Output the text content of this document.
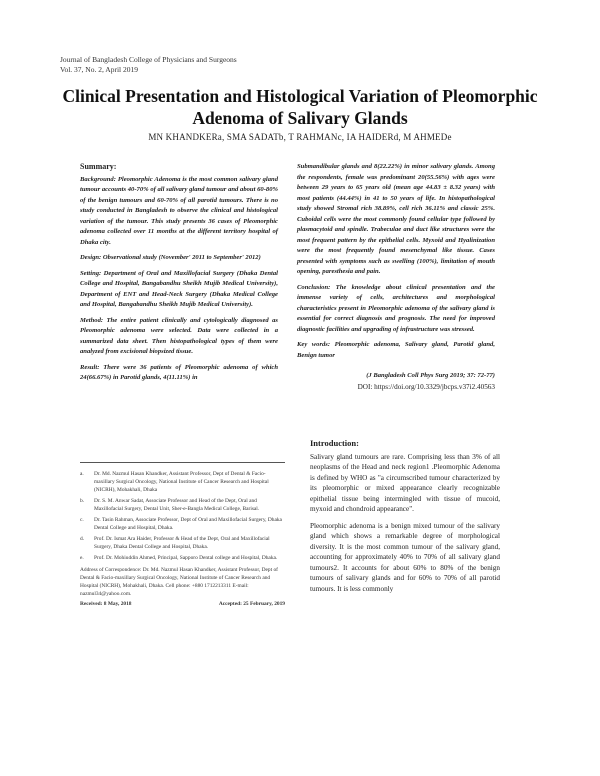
Journal of Bangladesh College of Physicians and Surgeons
Vol. 37, No. 2, April 2019
Clinical Presentation and Histological Variation of Pleomorphic Adenoma of Salivary Glands
MN KHANDKERa, SMA SADATb, T RAHMANc, IA HAIDERd, M AHMEDe
Summary:

Background: Pleomorphic Adenoma is the most common salivary gland tumour accounts 40-70% of all salivary gland tumour and about 60-80% of the benign tumours and 60-70% of all parotid tumours. There is no study conducted in Bangladesh to observe the clinical and histological variation of the tumour. This study presents 36 cases of Pleomorphic adenoma collected over 11 months at the different territory hospital of Dhaka city.

Design: Observational study (November' 2011 to September' 2012)

Setting: Department of Oral and Maxillofacial Surgery (Dhaka Dental College and Hospital, Bangabandhu Sheikh Mujib Medical University), Department of ENT and Head-Neck Surgery (Dhaka Medical College and Hospital, Bangabandhu Sheikh Mujib Medical University).

Method: The entire patient clinically and cytologically diagnosed as Pleomorphic adenoma were selected. Data were collected in a summarized data sheet. Then histopathological types of them were analyzed from excisional biopsized tissue.

Result: There were 36 patients of Pleomorphic adenoma of which 24(66.67%) in Parotid glands, 4(11.11%) in

Submandibular glands and 8(22.22%) in minor salivary glands. Among the respondents, female was predominant 20(55.56%) with ages were between 29 years to 65 years old (mean age 44.83 ± 8.32 years) with most patients (44.44%) in 41 to 50 years of life. In histopathological study showed Stromal rich 38.89%, cell rich 36.11% and classic 25%. Cuboidal cells were the most commonly found cellular type followed by plasmacytoid and spindle. Trabeculae and duct like structures were the most frequent pattern by the epithelial cells. Myxoid and Hyalinization were the most frequently found mesenchymal like tissue. Cases presented with symptoms such as swelling (100%), limitation of mouth opening, paresthesia and pain.

Conclusion: The knowledge about clinical presentation and the immense variety of cells, architectures and morphological characteristics present in Pleomorphic adenoma of the salivary gland is essential for correct diagnosis and prognosis. The need for improved diagnostic facilities and upgrading of infrastructure was stressed.

Key words: Pleomorphic adenoma, Salivary gland, Parotid gland, Benign tumor

(J Bangladesh Coll Phys Surg 2019; 37: 72-77)
DOI: https://doi.org/10.3329/jbcps.v37i2.40563
a.	Dr. Md. Nazmul Hasan Khandker, Assistant Professor, Dept of Dental & Facio-maxillary Surgical Oncology, National Institute of Cancer Research and Hospital (NICRH), Mohakhali, Dhaka
b.	Dr. S. M. Anwar Sadat, Associate Professor and Head of the Dept, Oral and Maxillofacial Surgery, Dental Unit, Sher-e-Bangla Medical College, Barisal.
c.	Dr. Tasin Rahman, Associate Professor, Dept of Oral and Maxillofacial Surgery, Dhaka Dental College and Hospital, Dhaka.
d.	Prof. Dr. Ismat Ara Haider, Professor & Head of the Dept, Oral and Maxillofacial Surgery, Dhaka Dental College and Hospital, Dhaka.
e.	Prof. Dr. Mohiuddin Ahmed, Principal, Sapporo Dental college and Hospital, Dhaka.
Address of Correspondence: Dr. Md. Nazmul Hasan Khandker, Assistant Professor, Dept of Dental & Facio-maxillary Surgical Oncology, National Institute of Cancer Research and Hospital (NICRH), Mohakhali, Dhaka. Cell phone: +880 1712213311 E-mail: nazmul34@yahoo.com.
Received: 8 May, 2018	Accepted: 25 February, 2019
Introduction:

Salivary gland tumours are rare. Comprising less than 3% of all neoplasms of the Head and neck region1 .Pleomorphic Adenoma is defined by WHO as "a circumscribed tumour characterized by its pleomorphic or mixed appearance clearly recognizable epithelial tissue being intermingled with tissue of mucoid, myxoid and chondroid appearance".

Pleomorphic adenoma is a benign mixed tumour of the salivary gland which shows a remarkable degree of morphological diversity. It is the most common tumour of the salivary gland, accounting for approximately 40% to 70% of all salivary gland tumours2. It accounts for about 60% to 80% of the benign tumours of salivary glands and for 60% to 70% of all parotid tumours. It is less commonly
